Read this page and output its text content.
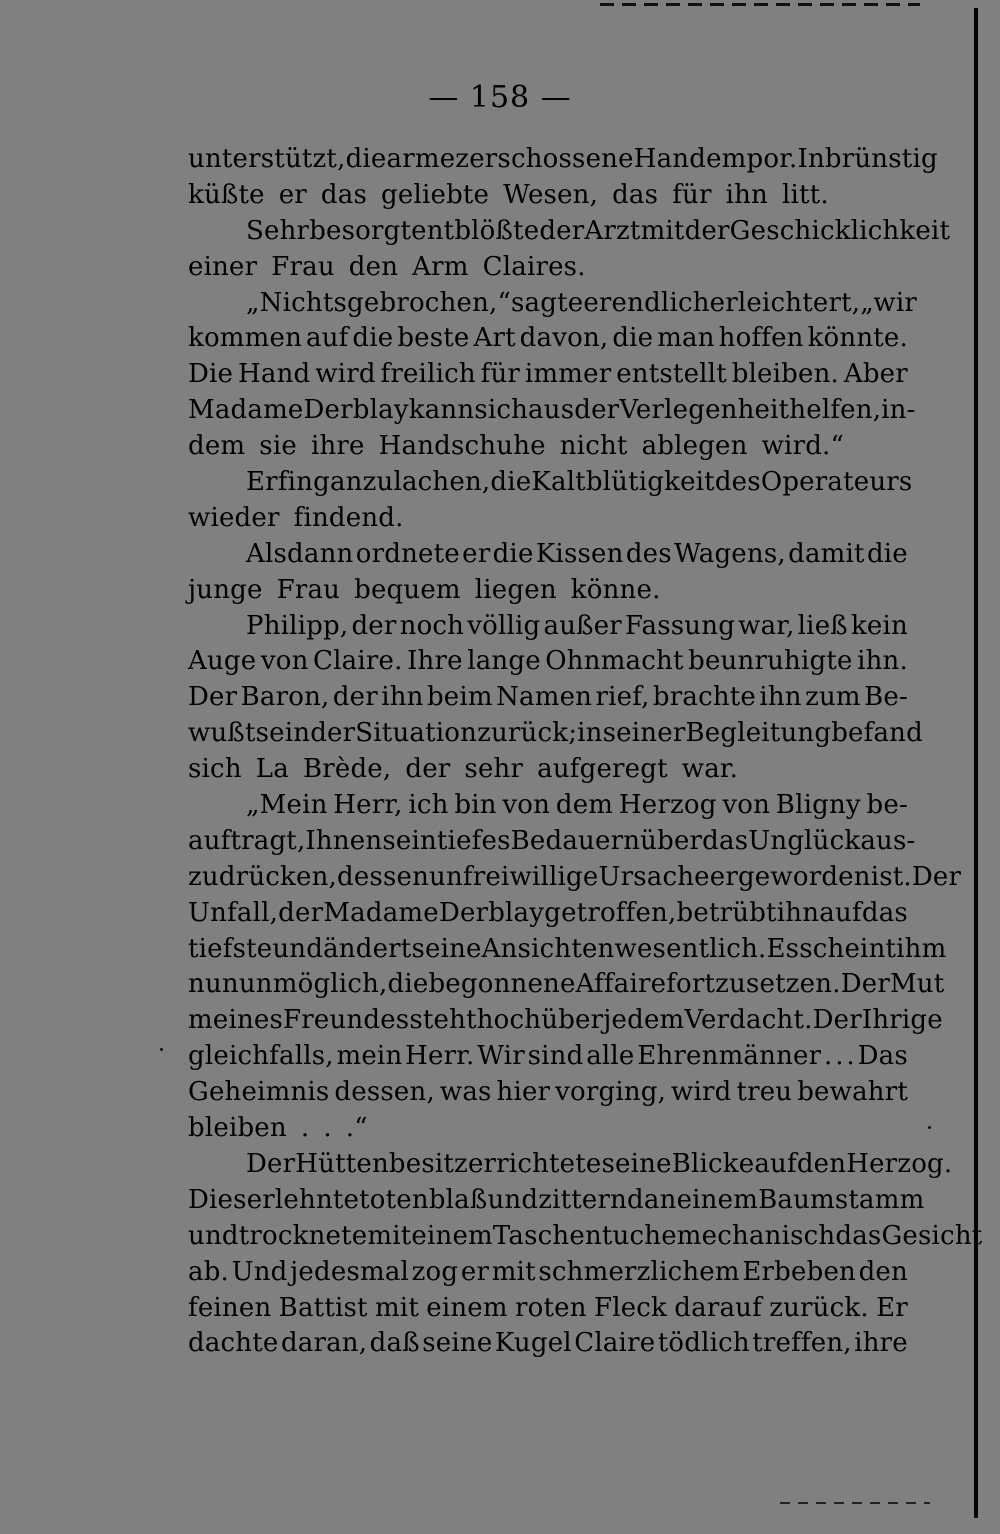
— 158 —
unterstützt, die arme zerschossene Hand empor. Inbrünstig
küßte er das geliebte Wesen, das für ihn litt.
Sehr besorgt entblößte der Arzt mit der Geschicklichkeit
einer Frau den Arm Claires.
„Nichts gebrochen,“ sagte er endlich erleichtert, „wir
kommen auf die beste Art davon, die man hoffen könnte.
Die Hand wird freilich für immer entstellt bleiben. Aber
Madame Derblay kann sich aus der Verlegenheit helfen, in-
dem sie ihre Handschuhe nicht ablegen wird.“
Er fing an zu lachen, die Kaltblütigkeit des Operateurs
wieder findend.
Alsdann ordnete er die Kissen des Wagens, damit die
junge Frau bequem liegen könne.
Philipp, der noch völlig außer Fassung war, ließ kein
Auge von Claire. Ihre lange Ohnmacht beunruhigte ihn.
Der Baron, der ihn beim Namen rief, brachte ihn zum Be-
wußtsein der Situation zurück; in seiner Begleitung befand
sich La Brède, der sehr aufgeregt war.
„Mein Herr, ich bin von dem Herzog von Bligny be-
auftragt, Ihnen sein tiefes Bedauern über das Unglück aus-
zudrücken, dessen unfreiwillige Ursache er geworden ist. Der
Unfall, der Madame Derblay getroffen, betrübt ihn auf das
tiefste und ändert seine Ansichten wesentlich. Es scheint ihm
nun unmöglich, die begonnene Affaire fortzusetzen. Der Mut
meines Freundes steht hoch über jedem Verdacht. Der Ihrige
gleichfalls, mein Herr. Wir sind alle Ehrenmänner . . . Das
Geheimnis dessen, was hier vorging, wird treu bewahrt
bleiben . . .“
Der Hüttenbesitzer richtete seine Blicke auf den Herzog.
Dieser lehnte totenblaß und zitternd an einem Baumstamm
und trocknete mit einem Taschentuche mechanisch das Gesicht
ab. Und jedesmal zog er mit schmerzlichem Erbeben den
feinen Battist mit einem roten Fleck darauf zurück. Er
dachte daran, daß seine Kugel Claire tödlich treffen, ihre
